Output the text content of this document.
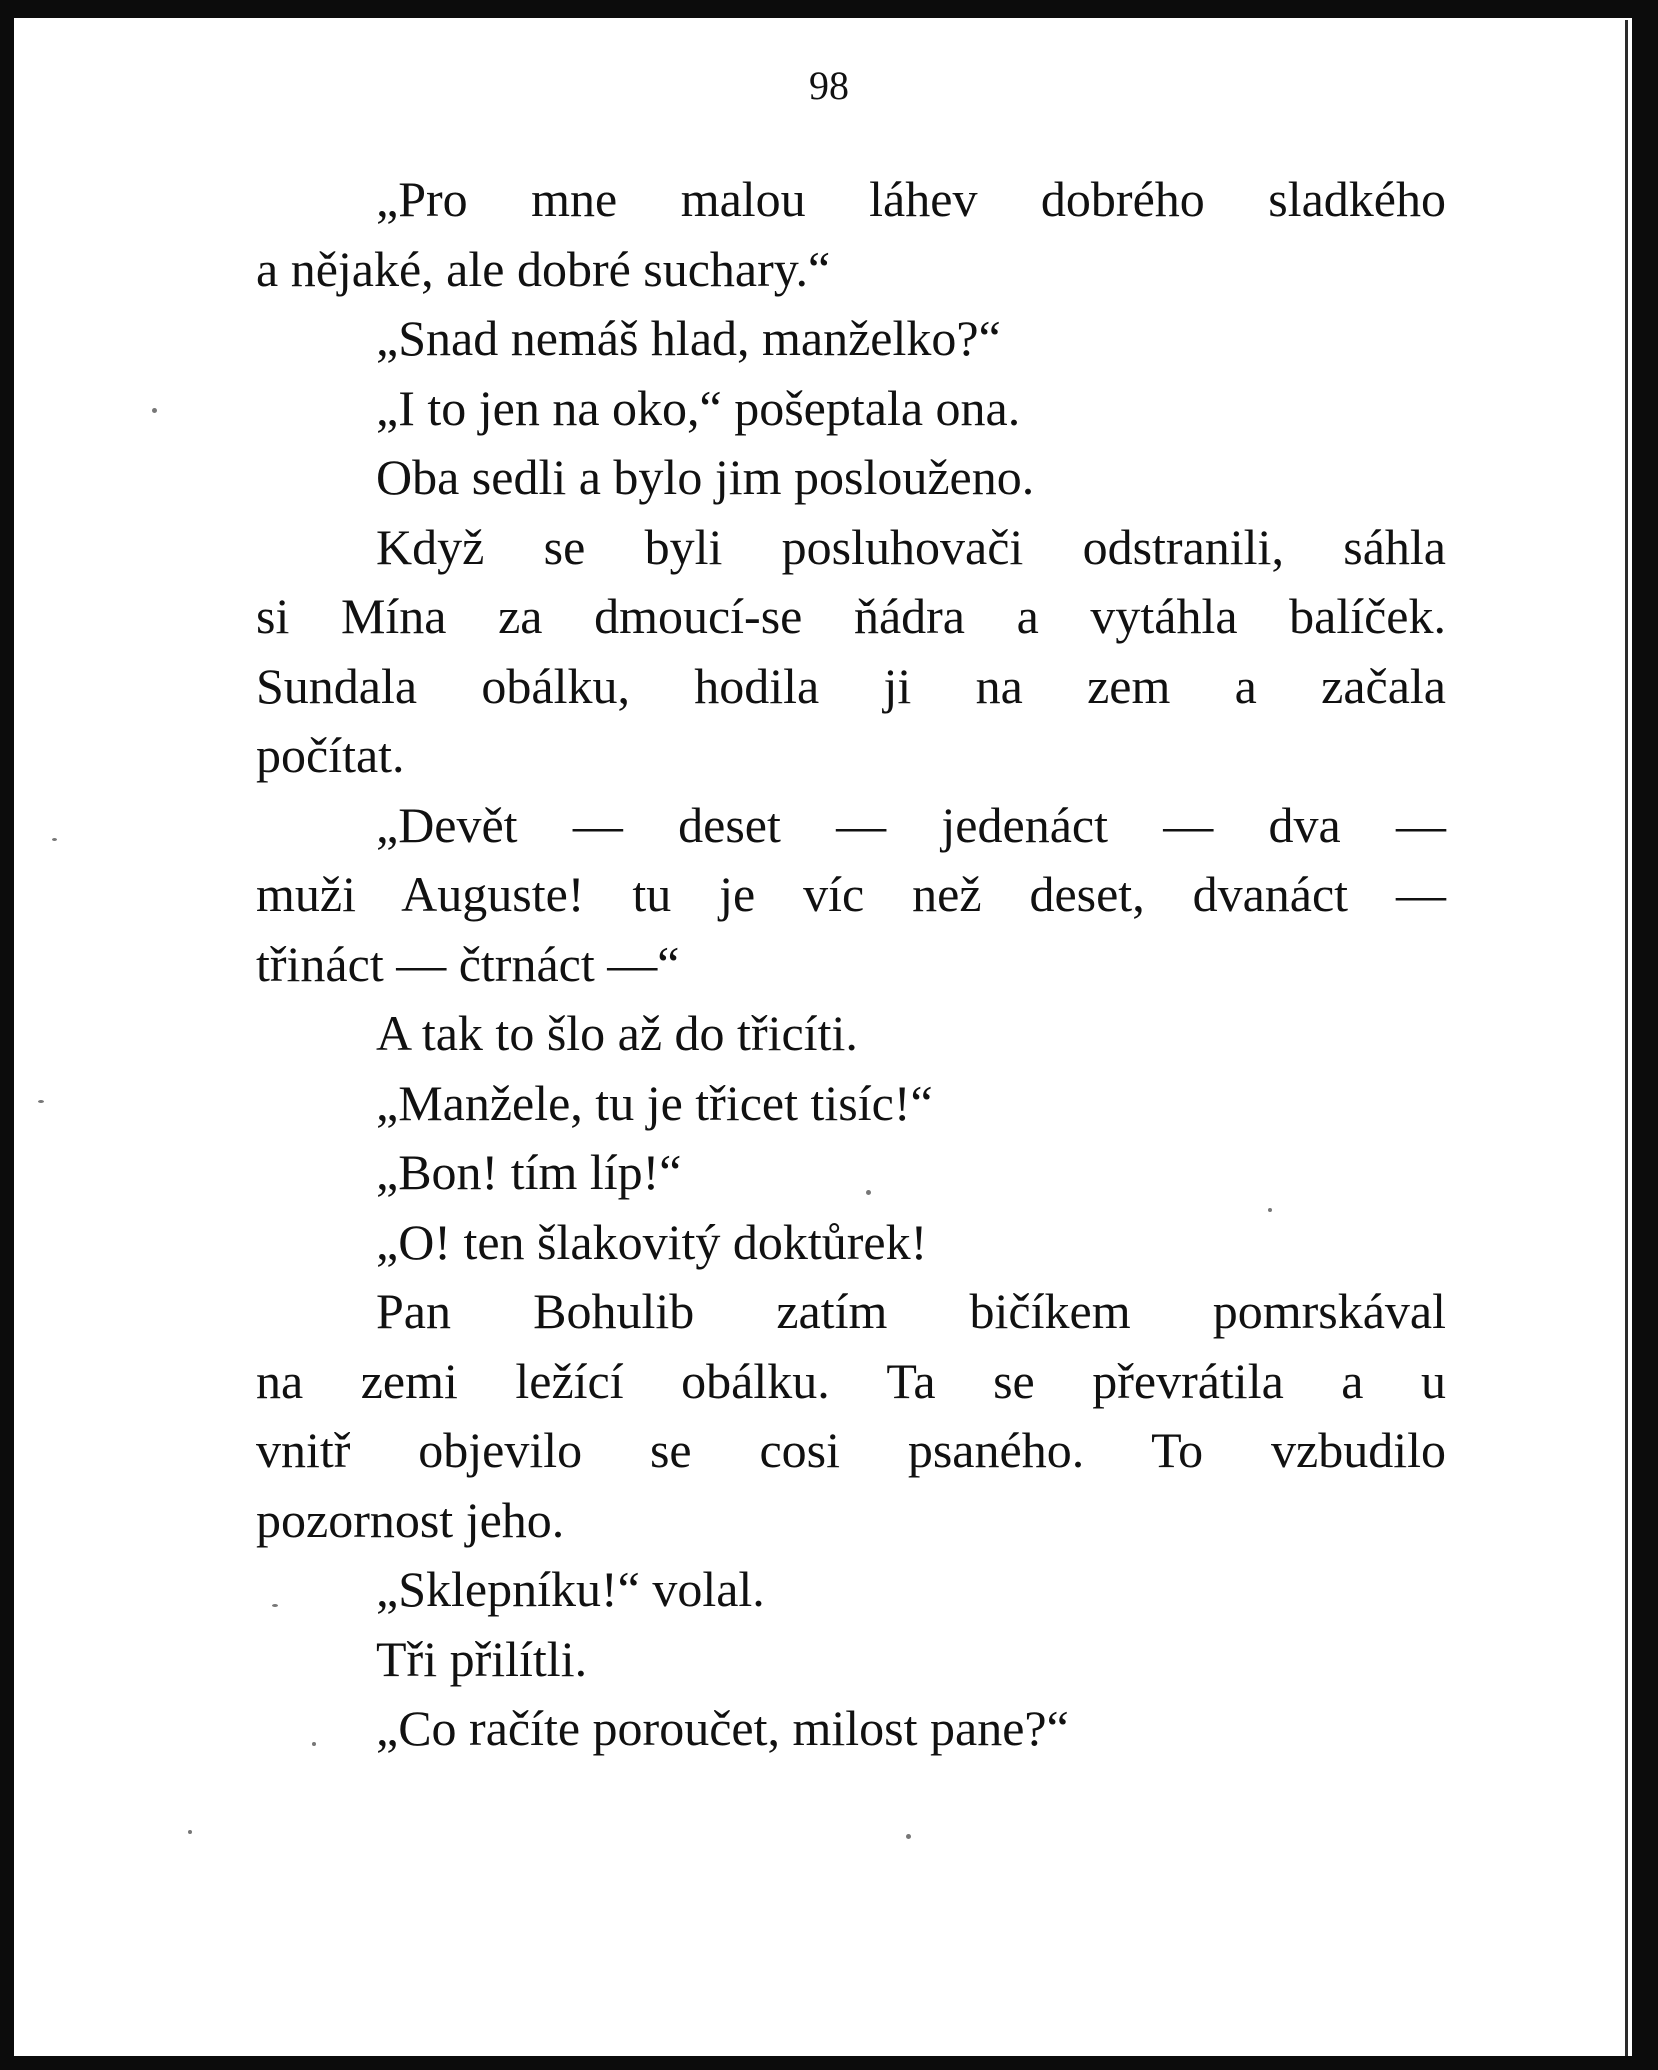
98
„Pro mne malou láhev dobrého sladkého
a nějaké, ale dobré suchary.“
„Snad nemáš hlad, manželko?“
„I to jen na oko,“ pošeptala ona.
Oba sedli a bylo jim poslouženo.
Když se byli posluhovači odstranili, sáhla
si Mína za dmoucí-se ňádra a vytáhla balíček.
Sundala obálku, hodila ji na zem a začala
počítat.
„Devět — deset — jedenáct — dva —
muži Auguste! tu je víc než deset, dvanáct —
třináct — čtrnáct —“
A tak to šlo až do třicíti.
„Manžele, tu je třicet tisíc!“
„Bon! tím líp!“
„O! ten šlakovitý doktůrek!
Pan Bohulib zatím bičíkem pomrskával
na zemi ležící obálku. Ta se převrátila a u
vnitř objevilo se cosi psaného. To vzbudilo
pozornost jeho.
„Sklepníku!“ volal.
Tři přilítli.
„Co račíte poroučet, milost pane?“
